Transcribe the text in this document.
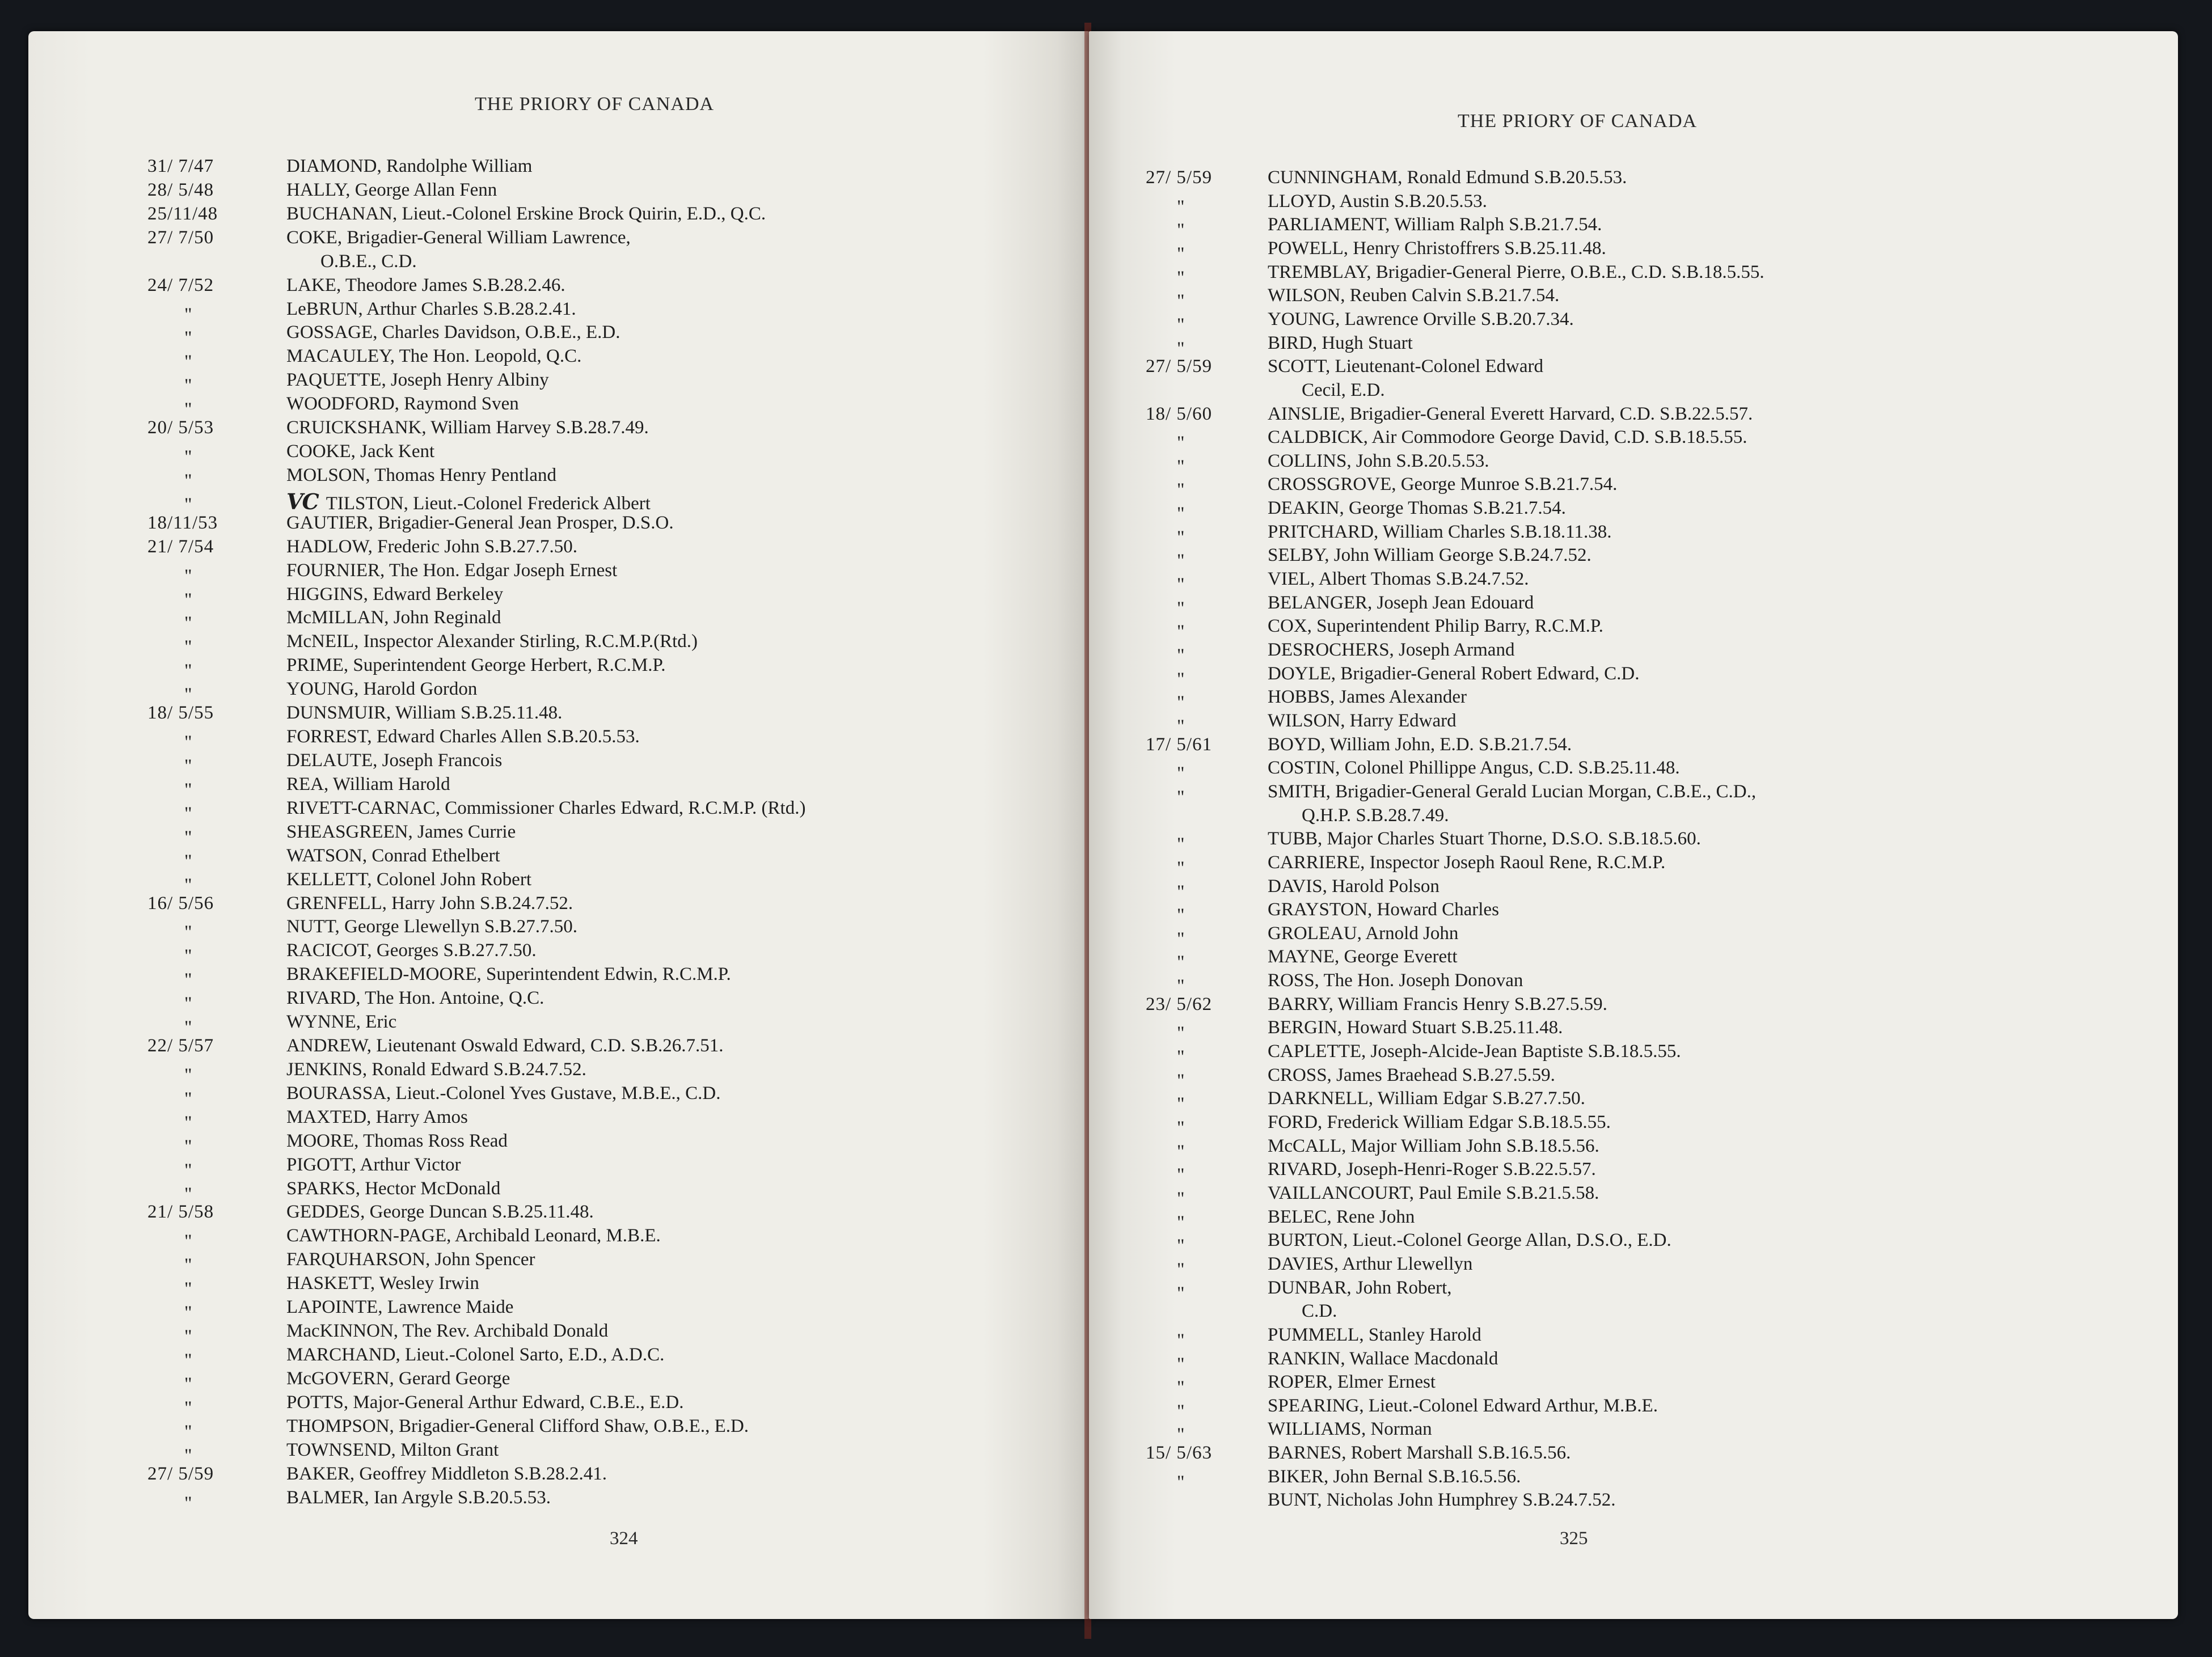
THE PRIORY OF CANADA
31/ 7/47	DIAMOND, Randolphe William
28/ 5/48	HALLY, George Allan Fenn
25/11/48	BUCHANAN, Lieut.-Colonel Erskine Brock Quirin, E.D., Q.C.
27/ 7/50	COKE, Brigadier-General William Lawrence,
O.B.E., C.D.
24/ 7/52	LAKE, Theodore James S.B.28.2.46.
"	LeBRUN, Arthur Charles S.B.28.2.41.
"	GOSSAGE, Charles Davidson, O.B.E., E.D.
"	MACAULEY, The Hon. Leopold, Q.C.
"	PAQUETTE, Joseph Henry Albiny
"	WOODFORD, Raymond Sven
20/ 5/53	CRUICKSHANK, William Harvey S.B.28.7.49.
"	COOKE, Jack Kent
"	MOLSON, Thomas Henry Pentland
"	VC TILSTON, Lieut.-Colonel Frederick Albert
18/11/53	GAUTIER, Brigadier-General Jean Prosper, D.S.O.
21/ 7/54	HADLOW, Frederic John S.B.27.7.50.
"	FOURNIER, The Hon. Edgar Joseph Ernest
"	HIGGINS, Edward Berkeley
"	McMILLAN, John Reginald
"	McNEIL, Inspector Alexander Stirling, R.C.M.P.(Rtd.)
"	PRIME, Superintendent George Herbert, R.C.M.P.
"	YOUNG, Harold Gordon
18/ 5/55	DUNSMUIR, William S.B.25.11.48.
"	FORREST, Edward Charles Allen S.B.20.5.53.
"	DELAUTE, Joseph Francois
"	REA, William Harold
"	RIVETT-CARNAC, Commissioner Charles Edward, R.C.M.P. (Rtd.)
"	SHEASGREEN, James Currie
"	WATSON, Conrad Ethelbert
"	KELLETT, Colonel John Robert
16/ 5/56	GRENFELL, Harry John S.B.24.7.52.
"	NUTT, George Llewellyn S.B.27.7.50.
"	RACICOT, Georges S.B.27.7.50.
"	BRAKEFIELD-MOORE, Superintendent Edwin, R.C.M.P.
"	RIVARD, The Hon. Antoine, Q.C.
"	WYNNE, Eric
22/ 5/57	ANDREW, Lieutenant Oswald Edward, C.D. S.B.26.7.51.
"	JENKINS, Ronald Edward S.B.24.7.52.
"	BOURASSA, Lieut.-Colonel Yves Gustave, M.B.E., C.D.
"	MAXTED, Harry Amos
"	MOORE, Thomas Ross Read
"	PIGOTT, Arthur Victor
"	SPARKS, Hector McDonald
21/ 5/58	GEDDES, George Duncan S.B.25.11.48.
"	CAWTHORN-PAGE, Archibald Leonard, M.B.E.
"	FARQUHARSON, John Spencer
"	HASKETT, Wesley Irwin
"	LAPOINTE, Lawrence Maide
"	MacKINNON, The Rev. Archibald Donald
"	MARCHAND, Lieut.-Colonel Sarto, E.D., A.D.C.
"	McGOVERN, Gerard George
"	POTTS, Major-General Arthur Edward, C.B.E., E.D.
"	THOMPSON, Brigadier-General Clifford Shaw, O.B.E., E.D.
"	TOWNSEND, Milton Grant
27/ 5/59	BAKER, Geoffrey Middleton S.B.28.2.41.
"	BALMER, Ian Argyle S.B.20.5.53.
324
THE PRIORY OF CANADA
27/ 5/59	CUNNINGHAM, Ronald Edmund S.B.20.5.53.
"	LLOYD, Austin S.B.20.5.53.
"	PARLIAMENT, William Ralph S.B.21.7.54.
"	POWELL, Henry Christoffrers S.B.25.11.48.
"	TREMBLAY, Brigadier-General Pierre, O.B.E., C.D. S.B.18.5.55.
"	WILSON, Reuben Calvin S.B.21.7.54.
"	YOUNG, Lawrence Orville S.B.20.7.34.
"	BIRD, Hugh Stuart
27/ 5/59	SCOTT, Lieutenant-Colonel Edward
Cecil, E.D.
18/ 5/60	AINSLIE, Brigadier-General Everett Harvard, C.D. S.B.22.5.57.
"	CALDBICK, Air Commodore George David, C.D. S.B.18.5.55.
"	COLLINS, John S.B.20.5.53.
"	CROSSGROVE, George Munroe S.B.21.7.54.
"	DEAKIN, George Thomas S.B.21.7.54.
"	PRITCHARD, William Charles S.B.18.11.38.
"	SELBY, John William George S.B.24.7.52.
"	VIEL, Albert Thomas S.B.24.7.52.
"	BELANGER, Joseph Jean Edouard
"	COX, Superintendent Philip Barry, R.C.M.P.
"	DESROCHERS, Joseph Armand
"	DOYLE, Brigadier-General Robert Edward, C.D.
"	HOBBS, James Alexander
"	WILSON, Harry Edward
17/ 5/61	BOYD, William John, E.D. S.B.21.7.54.
"	COSTIN, Colonel Phillippe Angus, C.D. S.B.25.11.48.
"	SMITH, Brigadier-General Gerald Lucian Morgan, C.B.E., C.D.,
Q.H.P. S.B.28.7.49.
"	TUBB, Major Charles Stuart Thorne, D.S.O. S.B.18.5.60.
"	CARRIERE, Inspector Joseph Raoul Rene, R.C.M.P.
"	DAVIS, Harold Polson
"	GRAYSTON, Howard Charles
"	GROLEAU, Arnold John
"	MAYNE, George Everett
"	ROSS, The Hon. Joseph Donovan
23/ 5/62	BARRY, William Francis Henry S.B.27.5.59.
"	BERGIN, Howard Stuart S.B.25.11.48.
"	CAPLETTE, Joseph-Alcide-Jean Baptiste S.B.18.5.55.
"	CROSS, James Braehead S.B.27.5.59.
"	DARKNELL, William Edgar S.B.27.7.50.
"	FORD, Frederick William Edgar S.B.18.5.55.
"	McCALL, Major William John S.B.18.5.56.
"	RIVARD, Joseph-Henri-Roger S.B.22.5.57.
"	VAILLANCOURT, Paul Emile S.B.21.5.58.
"	BELEC, Rene John
"	BURTON, Lieut.-Colonel George Allan, D.S.O., E.D.
"	DAVIES, Arthur Llewellyn
"	DUNBAR, John Robert,
C.D.
"	PUMMELL, Stanley Harold
"	RANKIN, Wallace Macdonald
"	ROPER, Elmer Ernest
"	SPEARING, Lieut.-Colonel Edward Arthur, M.B.E.
"	WILLIAMS, Norman
15/ 5/63	BARNES, Robert Marshall S.B.16.5.56.
"	BIKER, John Bernal S.B.16.5.56.
BUNT, Nicholas John Humphrey S.B.24.7.52.
325
